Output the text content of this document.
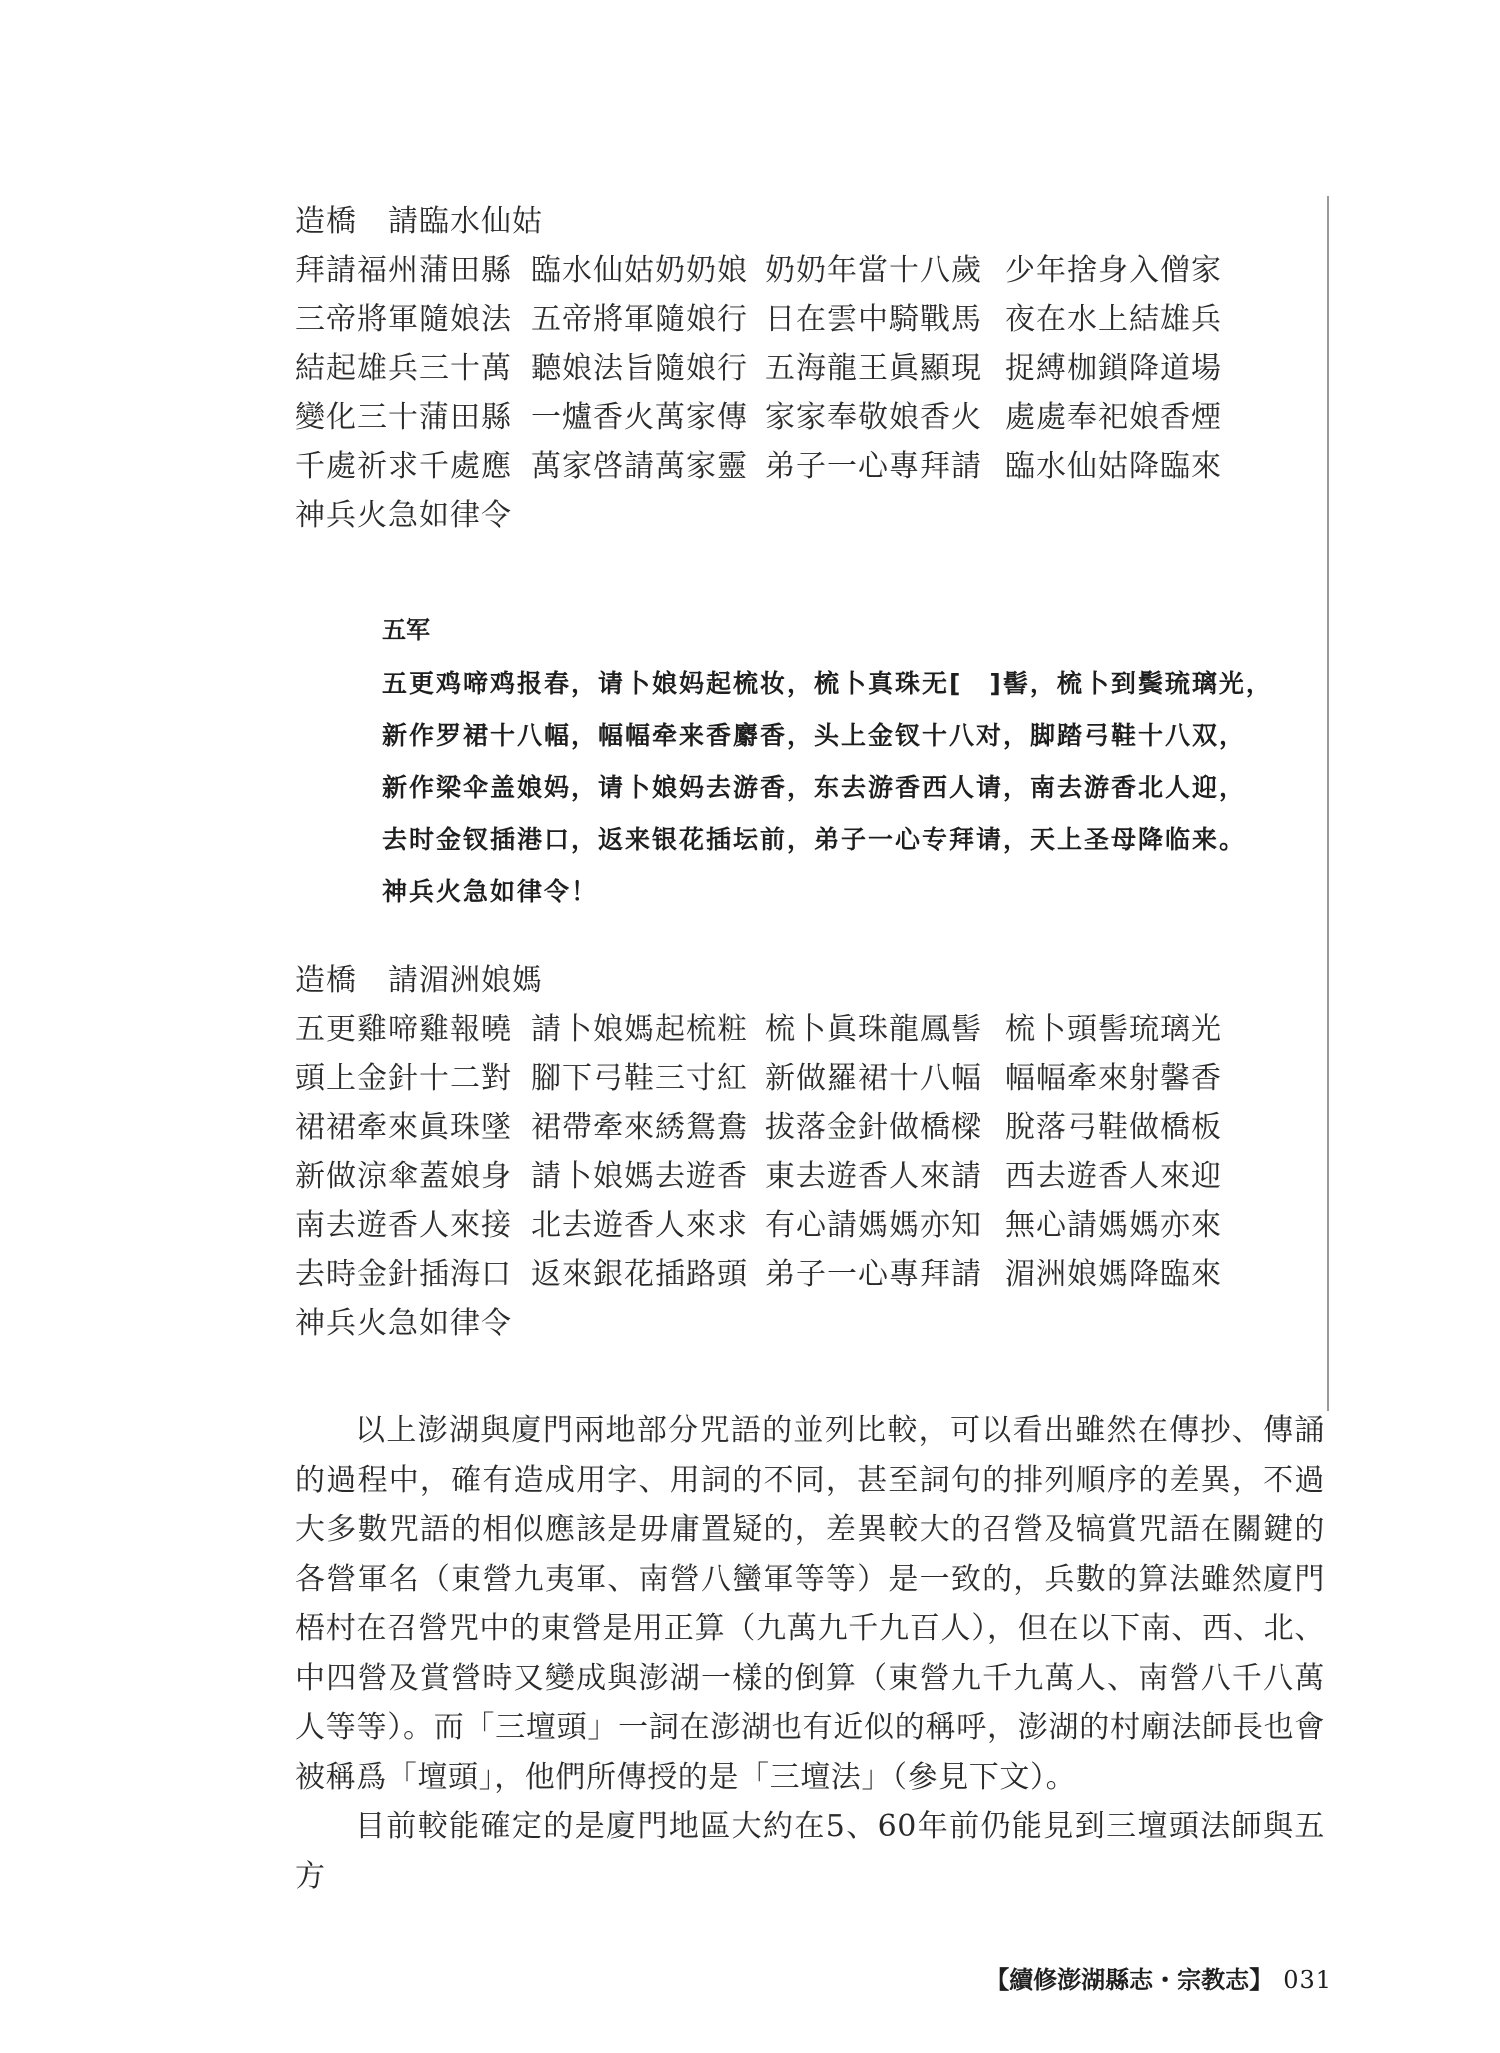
造橋　請臨水仙姑
拜請福州蒲田縣 臨水仙姑奶奶娘 奶奶年當十八歲 少年捨身入僧家
三帝將軍隨娘法 五帝將軍隨娘行 日在雲中騎戰馬 夜在水上結雄兵
結起雄兵三十萬 聽娘法旨隨娘行 五海龍王眞顯現 捉縛枷鎖降道場
變化三十蒲田縣 一爐香火萬家傳 家家奉敬娘香火 處處奉祀娘香煙
千處祈求千處應 萬家啓請萬家靈 弟子一心專拜請 臨水仙姑降臨來
神兵火急如律令
五军
五更鸡啼鸡报春，请卜娘妈起梳妆，梳卜真珠无[　]髻，梳卜到鬓琉璃光，
新作罗裙十八幅，幅幅牵来香麝香，头上金钗十八对，脚踏弓鞋十八双，
新作梁伞盖娘妈，请卜娘妈去游香，东去游香西人请，南去游香北人迎，
去时金钗插港口，返来银花插坛前，弟子一心专拜请，天上圣母降临来。
神兵火急如律令！
造橋　請湄洲娘媽
五更雞啼雞報曉 請卜娘媽起梳粧 梳卜眞珠龍鳳髻 梳卜頭髻琉璃光
頭上金針十二對 腳下弓鞋三寸紅 新做羅裙十八幅 幅幅牽來射馨香
裙裙牽來眞珠墜 裙帶牽來綉鴛鴦 拔落金針做橋樑 脫落弓鞋做橋板
新做涼傘蓋娘身 請卜娘媽去遊香 東去遊香人來請 西去遊香人來迎
南去遊香人來接 北去遊香人來求 有心請媽媽亦知 無心請媽媽亦來
去時金針插海口 返來銀花插路頭 弟子一心專拜請 湄洲娘媽降臨來
神兵火急如律令
以上澎湖與廈門兩地部分咒語的並列比較，可以看出雖然在傳抄、傳誦的過程中，確有造成用字、用詞的不同，甚至詞句的排列順序的差異，不過大多數咒語的相似應該是毋庸置疑的，差異較大的召營及犒賞咒語在關鍵的各營軍名（東營九夷軍、南營八蠻軍等等）是一致的，兵數的算法雖然廈門梧村在召營咒中的東營是用正算（九萬九千九百人），但在以下南、西、北、中四營及賞營時又變成與澎湖一樣的倒算（東營九千九萬人、南營八千八萬人等等）。而「三壇頭」一詞在澎湖也有近似的稱呼，澎湖的村廟法師長也會被稱爲「壇頭」，他們所傳授的是「三壇法」（參見下文）。
目前較能確定的是廈門地區大約在5、60年前仍能見到三壇頭法師與五方
【續修澎湖縣志・宗教志】 031
